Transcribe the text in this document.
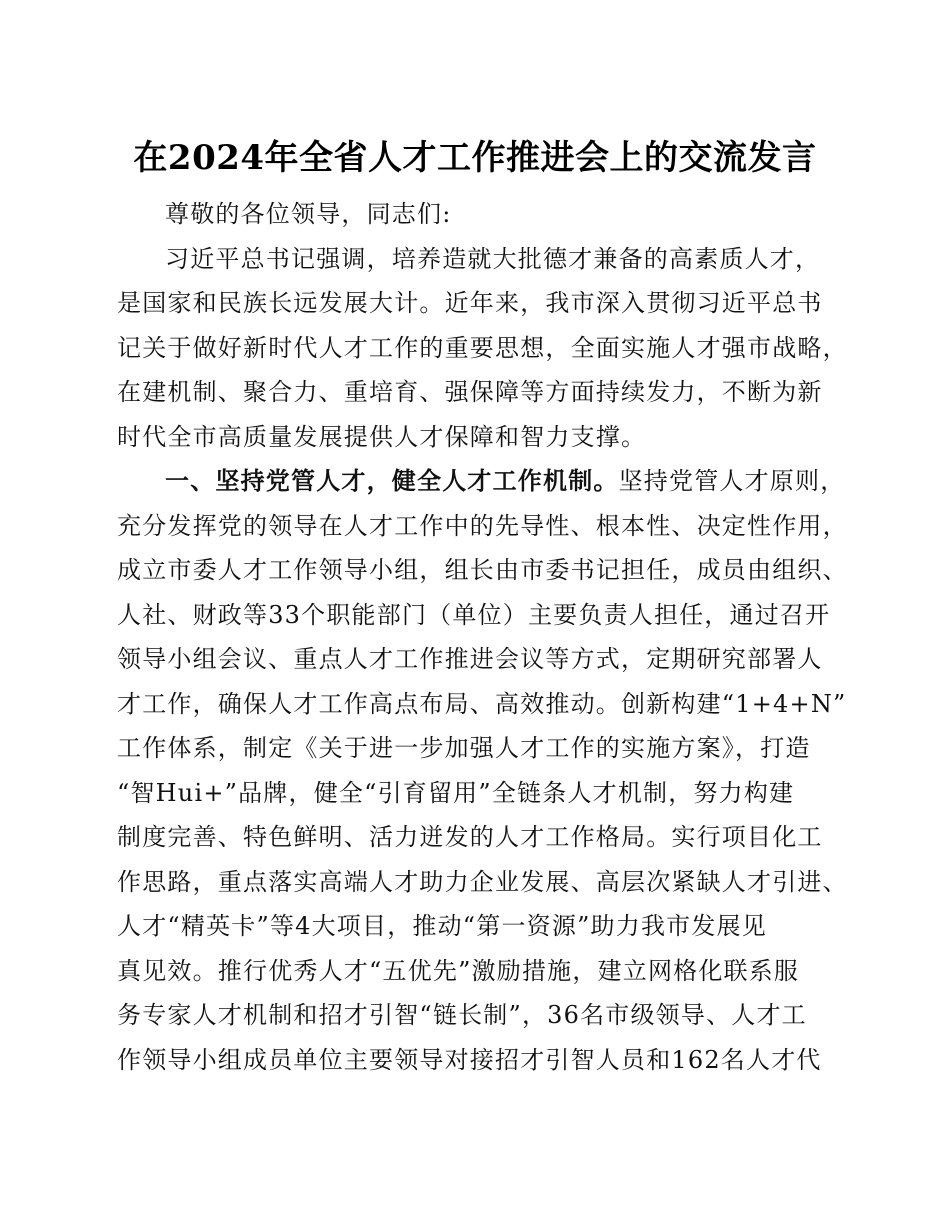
在2024年全省人才工作推进会上的交流发言
尊敬的各位领导，同志们:
习近平总书记强调，培养造就大批德才兼备的高素质人才，
是国家和民族长远发展大计。近年来，我市深入贯彻习近平总书
记关于做好新时代人才工作的重要思想，全面实施人才强市战略，
在建机制、聚合力、重培育、强保障等方面持续发力，不断为新
时代全市高质量发展提供人才保障和智力支撑。
一、坚持党管人才，健全人才工作机制。坚持党管人才原则，
充分发挥党的领导在人才工作中的先导性、根本性、决定性作用，
成立市委人才工作领导小组，组长由市委书记担任，成员由组织、
人社、财政等33个职能部门（单位）主要负责人担任，通过召开
领导小组会议、重点人才工作推进会议等方式，定期研究部署人
才工作，确保人才工作高点布局、高效推动。创新构建“1+4+N”
工作体系，制定《关于进一步加强人才工作的实施方案》，打造
“智Hui+”品牌，健全“引育留用”全链条人才机制，努力构建
制度完善、特色鲜明、活力迸发的人才工作格局。实行项目化工
作思路，重点落实高端人才助力企业发展、高层次紧缺人才引进、
人才“精英卡”等4大项目，推动“第一资源”助力我市发展见
真见效。推行优秀人才“五优先”激励措施，建立网格化联系服
务专家人才机制和招才引智“链长制”，36名市级领导、人才工
作领导小组成员单位主要领导对接招才引智人员和162名人才代
